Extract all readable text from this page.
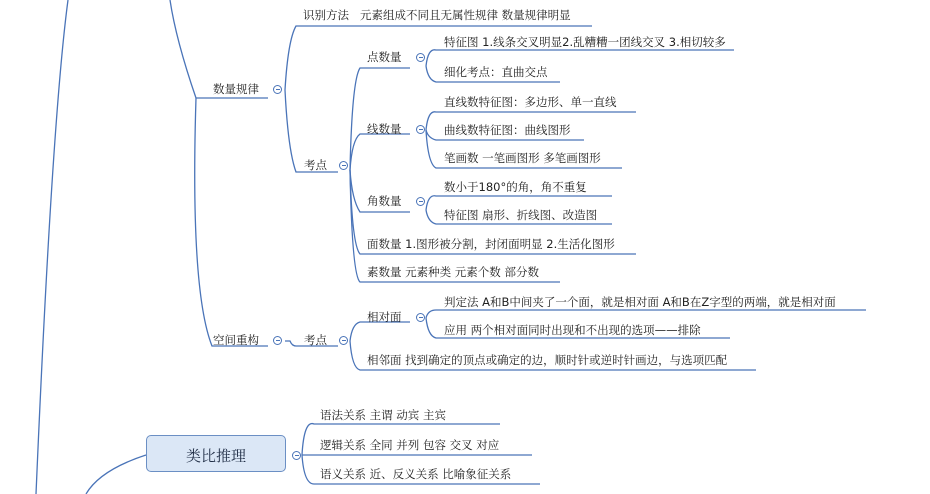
识别方法 元素组成不同且无属性规律 数量规律明显
数量规律
考点
点数量
特征图 1.线条交叉明显2.乱糟糟一团线交叉 3.相切较多
细化考点：直曲交点
线数量
直线数特征图：多边形、单一直线
曲线数特征图：曲线图形
笔画数 一笔画图形 多笔画图形
角数量
数小于180°的角，角不重复
特征图 扇形、折线图、改造图
面数量 1.图形被分割，封闭面明显 2.生活化图形
素数量 元素种类 元素个数 部分数
空间重构	考点
相对面
判定法 A和B中间夹了一个面，就是相对面 A和B在Z字型的两端，就是相对面
应用 两个相对面同时出现和不出现的选项——排除
相邻面 找到确定的顶点或确定的边，顺时针或逆时针画边，与选项匹配
类比推理
语法关系 主谓 动宾 主宾
逻辑关系 全同 并列 包容 交叉 对应
语义关系 近、反义关系 比喻象征关系
